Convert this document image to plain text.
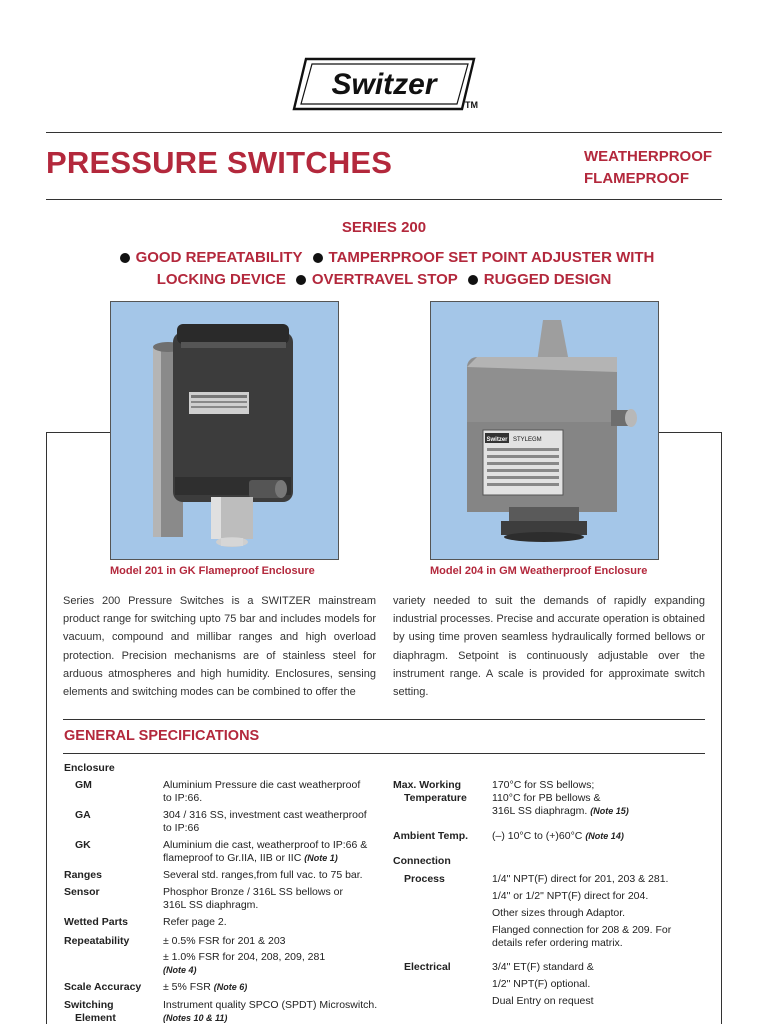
Switzer
TM
PRESSURE SWITCHES	WEATHERPROOF
FLAMEPROOF
SERIES 200
GOOD REPEATABILITY TAMPERPROOF SET POINT ADJUSTER WITH
LOCKING DEVICE OVERTRAVEL STOP RUGGED DESIGN
Model 201 in GK Flameproof Enclosure
Switzer STYLEGM
Model 204 in GM Weatherproof Enclosure
Series 200 Pressure Switches is a SWITZER mainstream product range for switching upto 75 bar and includes models for vacuum, compound and millibar ranges and high overload protection. Precision mechanisms are of stainless steel for arduous atmospheres and high humidity. Enclosures, sensing elements and switching modes can be combined to offer the
variety needed to suit the demands of rapidly expanding industrial processes. Precise and accurate operation is obtained by using time proven seamless hydraulically formed bellows or diaphragm. Setpoint is continuously adjustable over the instrument range. A scale is provided for approximate switch setting.
GENERAL SPECIFICATIONS
Enclosure
GM	Aluminium Pressure die cast weatherproof
to IP:66.
GA	304 / 316 SS, investment cast weatherproof
to IP:66
GK	Aluminium die cast, weatherproof to IP:66 &
flameproof to Gr.IIA, IIB or IIC (Note 1)
Ranges	Several std. ranges,from full vac. to 75 bar.
Sensor	Phosphor Bronze / 316L SS bellows or
316L SS diaphragm.
Wetted Parts	Refer page 2.
Repeatability	± 0.5% FSR for 201 & 203
± 1.0% FSR for 204, 208, 209, 281
(Note 4)
Scale Accuracy ± 5% FSR (Note 6)
Switching
Element
Instrument quality SPCO (SPDT) Microswitch.
(Notes 10 & 11)
Max. Working
Temperature
170°C for SS bellows;
110°C for PB bellows &
316L SS diaphragm. (Note 15)
Ambient Temp. (–) 10°C to (+)60°C (Note 14)
Connection
Process	1/4" NPT(F) direct for 201, 203 & 281.
1/4" or 1/2" NPT(F) direct for 204.
Other sizes through Adaptor.
Flanged connection for 208 & 209. For
details refer ordering matrix.
Electrical	3/4" ET(F) standard &
1/2" NPT(F) optional.
Dual Entry on request
